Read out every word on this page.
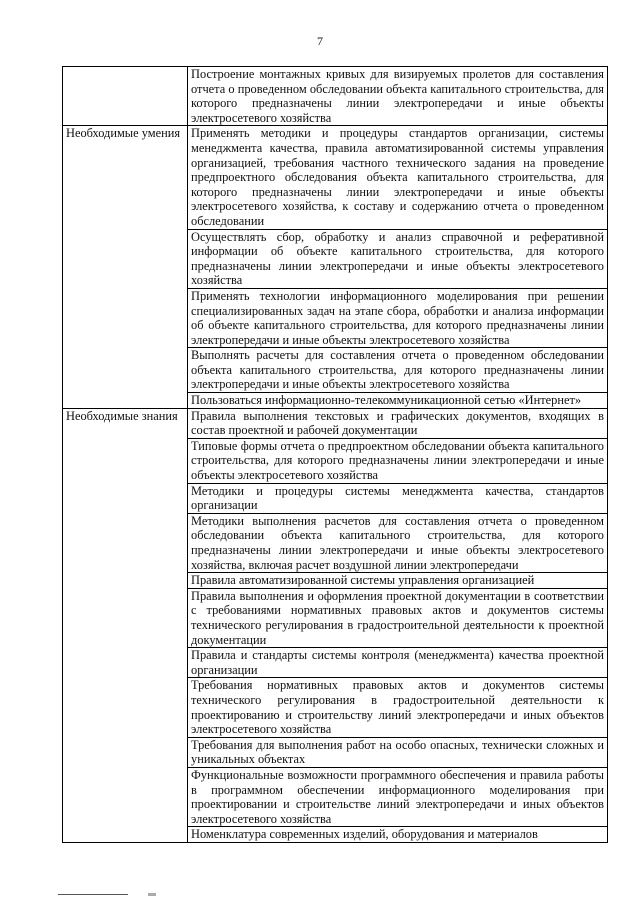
7
	Построение монтажных кривых для визируемых пролетов для составления отчета о проведенном обследовании объекта капитального строительства, для которого предназначены линии электропередачи и иные объекты электросетевого хозяйства
Необходимые умения	Применять методики и процедуры стандартов организации, системы менеджмента качества, правила автоматизированной системы управления организацией, требования частного технического задания на проведение предпроектного обследования объекта капитального строительства, для которого предназначены линии электропередачи и иные объекты электросетевого хозяйства, к составу и содержанию отчета о проведенном обследовании
	Осуществлять сбор, обработку и анализ справочной и реферативной информации об объекте капитального строительства, для которого предназначены линии электропередачи и иные объекты электросетевого хозяйства
	Применять технологии информационного моделирования при решении специализированных задач на этапе сбора, обработки и анализа информации об объекте капитального строительства, для которого предназначены линии электропередачи и иные объекты электросетевого хозяйства
	Выполнять расчеты для составления отчета о проведенном обследовании объекта капитального строительства, для которого предназначены линии электропередачи и иные объекты электросетевого хозяйства
	Пользоваться информационно-телекоммуникационной сетью «Интернет»
Необходимые знания	Правила выполнения текстовых и графических документов, входящих в состав проектной и рабочей документации
	Типовые формы отчета о предпроектном обследовании объекта капитального строительства, для которого предназначены линии электропередачи и иные объекты электросетевого хозяйства
	Методики и процедуры системы менеджмента качества, стандартов организации
	Методики выполнения расчетов для составления отчета о проведенном обследовании объекта капитального строительства, для которого предназначены линии электропередачи и иные объекты электросетевого хозяйства, включая расчет воздушной линии электропередачи
	Правила автоматизированной системы управления организацией
	Правила выполнения и оформления проектной документации в соответствии с требованиями нормативных правовых актов и документов системы технического регулирования в градостроительной деятельности к проектной документации
	Правила и стандарты системы контроля (менеджмента) качества проектной организации
	Требования нормативных правовых актов и документов системы технического регулирования в градостроительной деятельности к проектированию и строительству линий электропередачи и иных объектов электросетевого хозяйства
	Требования для выполнения работ на особо опасных, технически сложных и уникальных объектах
	Функциональные возможности программного обеспечения и правила работы в программном обеспечении информационного моделирования при проектировании и строительстве линий электропередачи и иных объектов электросетевого хозяйства
	Номенклатура современных изделий, оборудования и материалов
